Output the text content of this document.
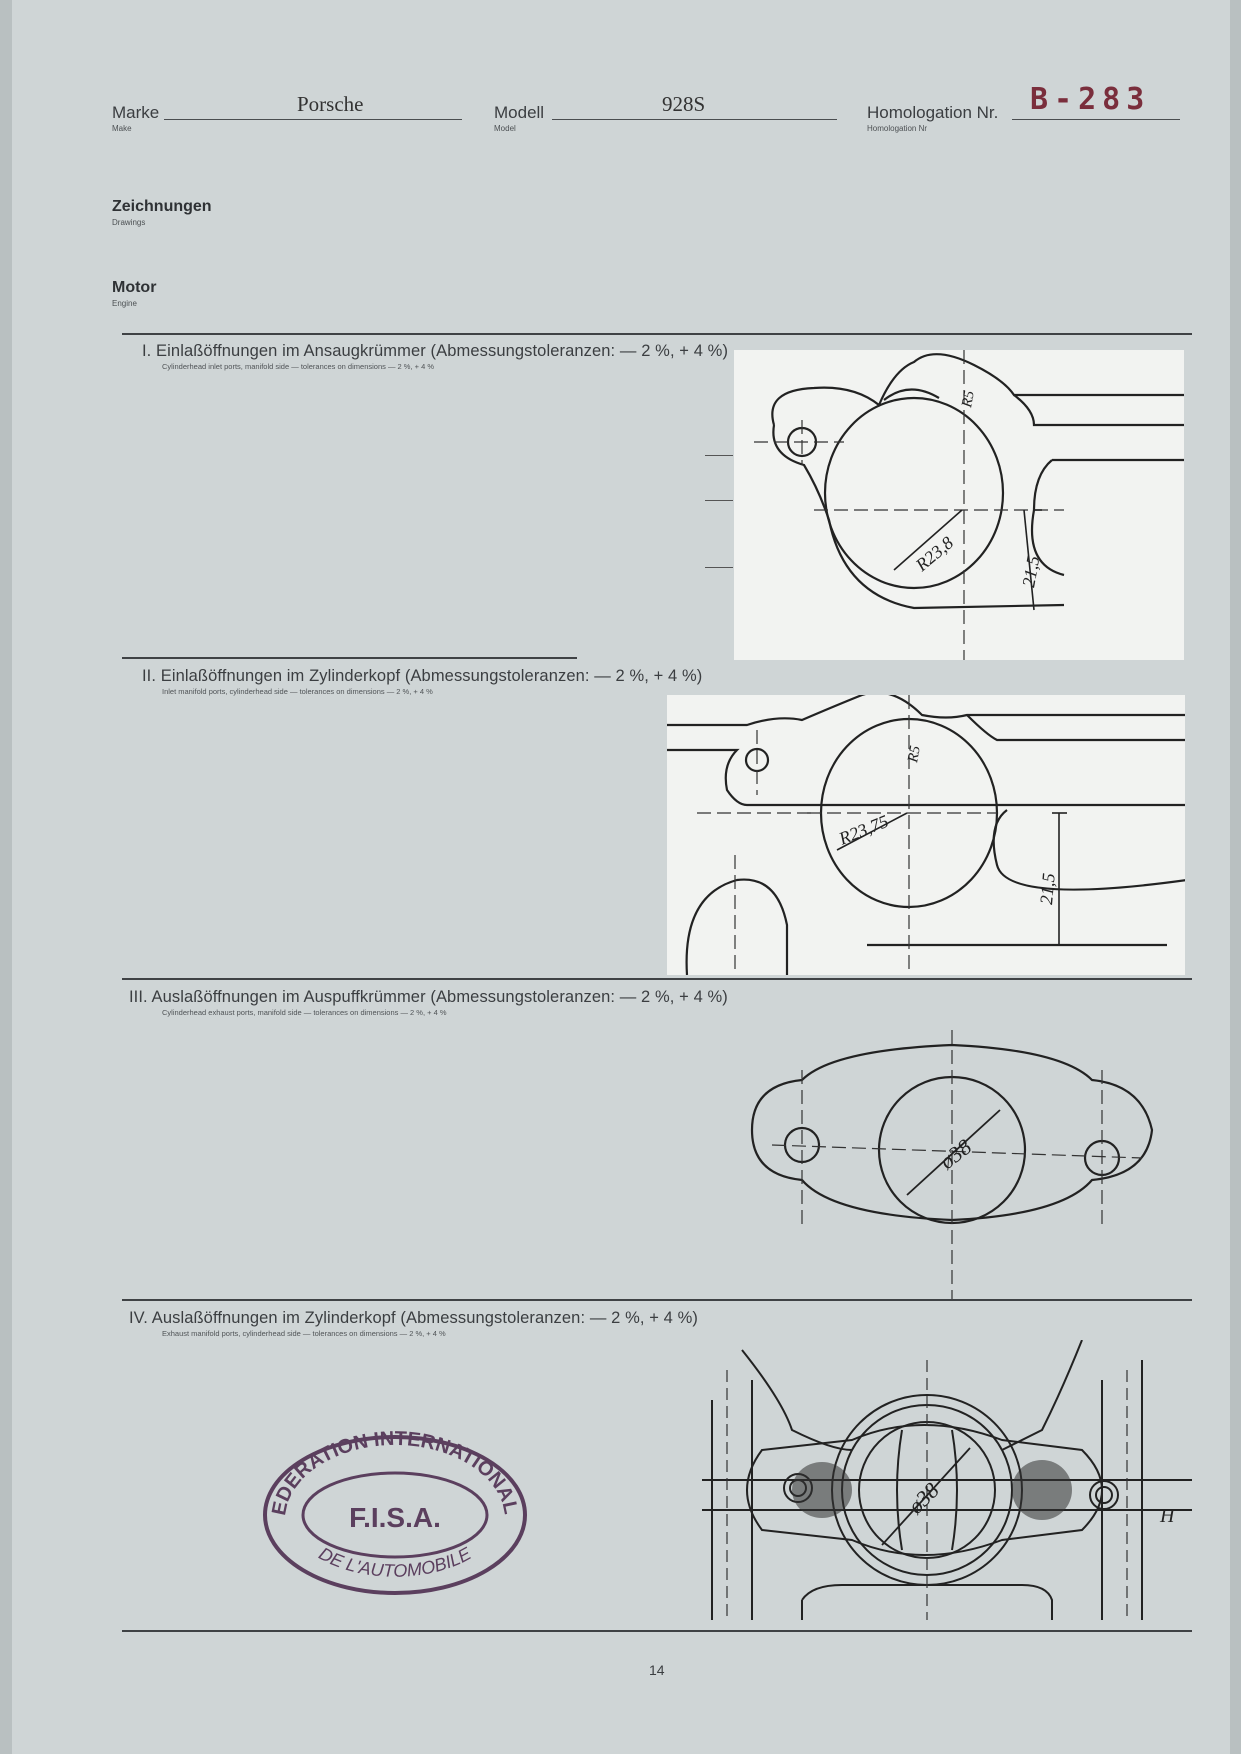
Marke
Make
Porsche	Modell
Model
928S	Homologation Nr.
Homologation Nr
B-283
Zeichnungen
Drawings
Motor
Engine
I. Einlaßöffnungen im Ansaugkrümmer (Abmessungstoleranzen: — 2 %, + 4 %)
Cylinderhead inlet ports, manifold side — tolerances on dimensions — 2 %, + 4 %
R23,8
R5
21,5
II. Einlaßöffnungen im Zylinderkopf (Abmessungstoleranzen: — 2 %, + 4 %)
Inlet manifold ports, cylinderhead side — tolerances on dimensions — 2 %, + 4 %
R23,75
R5
21,5
III. Auslaßöffnungen im Auspuffkrümmer (Abmessungstoleranzen: — 2 %, + 4 %)
Cylinderhead exhaust ports, manifold side — tolerances on dimensions — 2 %, + 4 %
ø38
IV. Auslaßöffnungen im Zylinderkopf (Abmessungstoleranzen: — 2 %, + 4 %)
Exhaust manifold ports, cylinderhead side — tolerances on dimensions — 2 %, + 4 %
ø38	H
EDERATION INTERNATIONAL
F.I.S.A.
DE L'AUTOMOBILE
14
